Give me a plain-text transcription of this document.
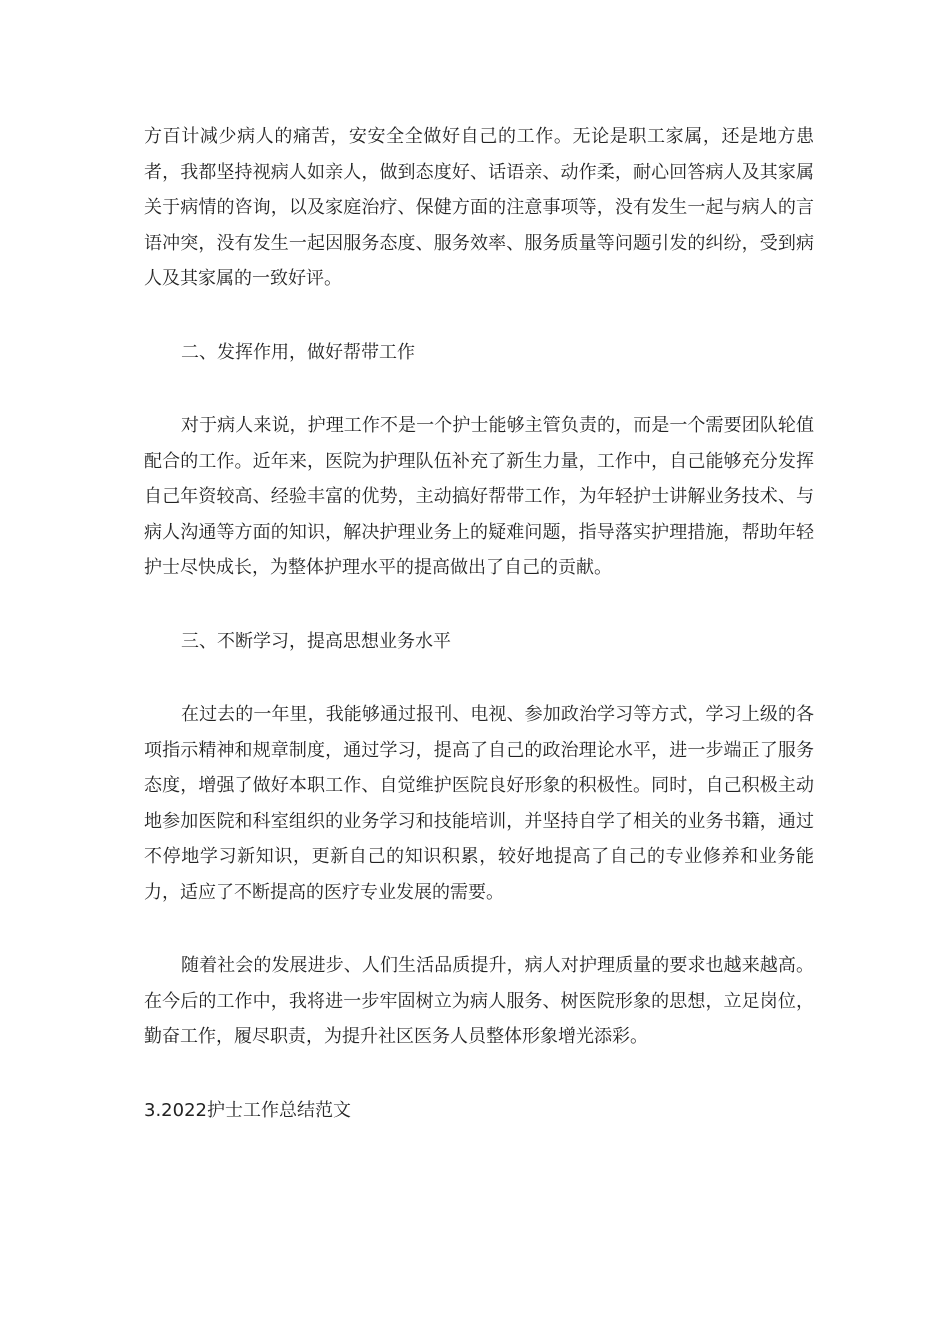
方百计减少病人的痛苦，安安全全做好自己的工作。无论是职工家属，还是地方患者，我都坚持视病人如亲人，做到态度好、话语亲、动作柔，耐心回答病人及其家属关于病情的咨询，以及家庭治疗、保健方面的注意事项等，没有发生一起与病人的言语冲突，没有发生一起因服务态度、服务效率、服务质量等问题引发的纠纷，受到病人及其家属的一致好评。

二、发挥作用，做好帮带工作

对于病人来说，护理工作不是一个护士能够主管负责的，而是一个需要团队轮值配合的工作。近年来，医院为护理队伍补充了新生力量，工作中，自己能够充分发挥自己年资较高、经验丰富的优势，主动搞好帮带工作，为年轻护士讲解业务技术、与病人沟通等方面的知识，解决护理业务上的疑难问题，指导落实护理措施，帮助年轻护士尽快成长，为整体护理水平的提高做出了自己的贡献。

三、不断学习，提高思想业务水平

在过去的一年里，我能够通过报刊、电视、参加政治学习等方式，学习上级的各项指示精神和规章制度，通过学习，提高了自己的政治理论水平，进一步端正了服务态度，增强了做好本职工作、自觉维护医院良好形象的积极性。同时，自己积极主动地参加医院和科室组织的业务学习和技能培训，并坚持自学了相关的业务书籍，通过不停地学习新知识，更新自己的知识积累，较好地提高了自己的专业修养和业务能力，适应了不断提高的医疗专业发展的需要。

随着社会的发展进步、人们生活品质提升，病人对护理质量的要求也越来越高。在今后的工作中，我将进一步牢固树立为病人服务、树医院形象的思想，立足岗位，勤奋工作，履尽职责，为提升社区医务人员整体形象增光添彩。

3.2022护士工作总结范文
